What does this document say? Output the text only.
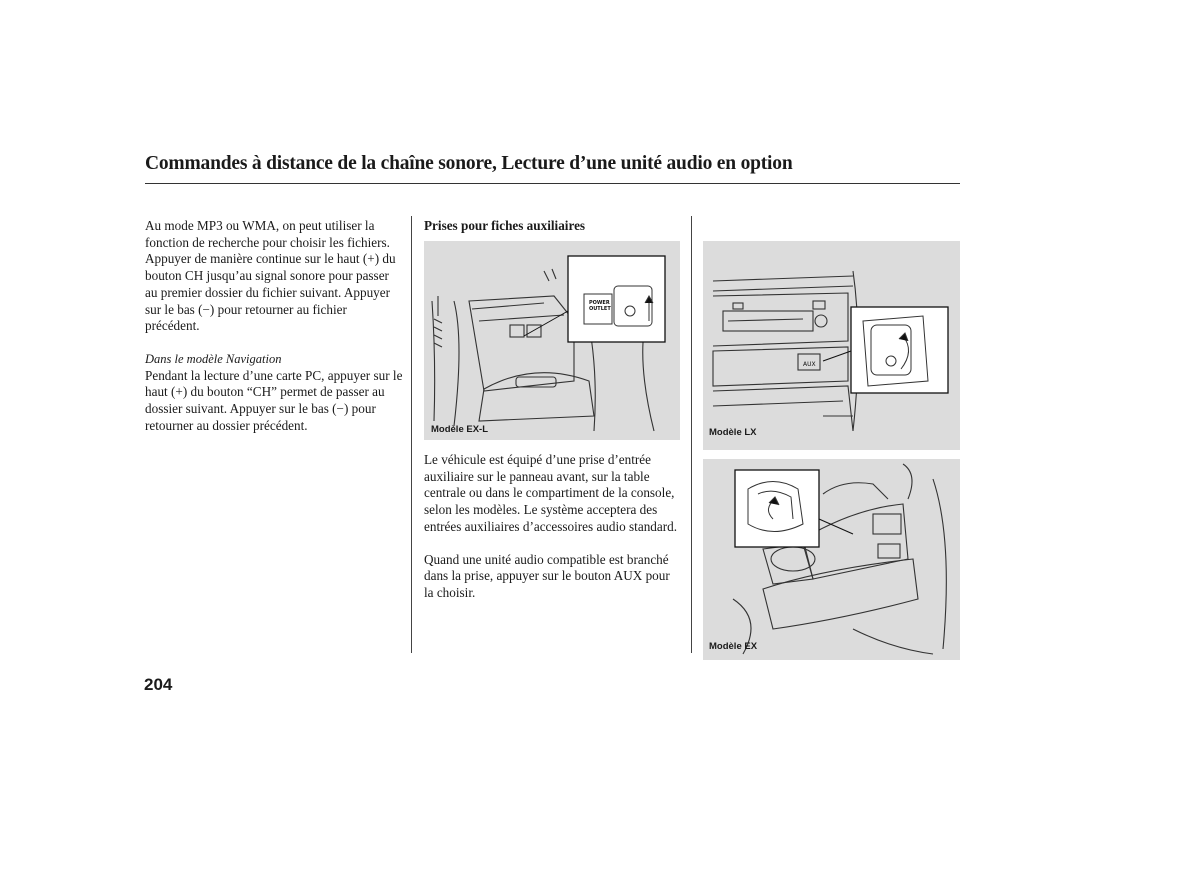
Commandes à distance de la chaîne sonore, Lecture d’une unité audio en option

Au mode MP3 ou WMA, on peut utiliser la fonction de recherche pour choisir les fichiers. Appuyer de manière continue sur le haut (+) du bouton CH jusqu’au signal sonore pour passer au premier dossier du fichier suivant. Appuyer sur le bas (−) pour retourner au fichier précédent.

Dans le modèle Navigation

Pendant la lecture d’une carte PC, appuyer sur le haut (+) du bouton “CH” permet de passer au dossier suivant. Appuyer sur le bas (−) pour retourner au dossier précédent.

Prises pour fiches auxiliaires

POWER
OUTLET
Modèle EX-L

Le véhicule est équipé d’une prise d’entrée auxiliaire sur le panneau avant, sur la table centrale ou dans le compartiment de la console, selon les modèles. Le système acceptera des entrées auxiliaires d’accessoires audio standard.

Quand une unité audio compatible est branché dans la prise, appuyer sur le bouton AUX pour la choisir.

AUX
Modèle LX
Modèle EX
204
